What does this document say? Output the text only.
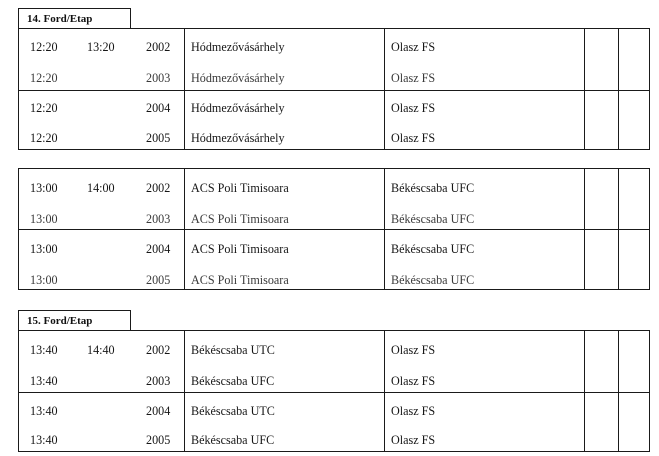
14. Ford/Etap
12:20 13:20	2002 Hódmezővásárhely	Olasz FS
12:20	2003 Hódmezővásárhely	Olasz FS
12:20	2004 Hódmezővásárhely	Olasz FS
12:20	2005 Hódmezővásárhely	Olasz FS
13:00 14:00	2002 ACS Poli Timisoara	Békéscsaba UFC
13:00	2003 ACS Poli Timisoara	Békéscsaba UFC
13:00	2004 ACS Poli Timisoara	Békéscsaba UFC
13:00	2005 ACS Poli Timisoara	Békéscsaba UFC
15. Ford/Etap
13:40 14:40	2002 Békéscsaba UTC	Olasz FS
13:40	2003 Békéscsaba UFC	Olasz FS
13:40	2004 Békéscsaba UTC	Olasz FS
13:40	2005 Békéscsaba UFC	Olasz FS
